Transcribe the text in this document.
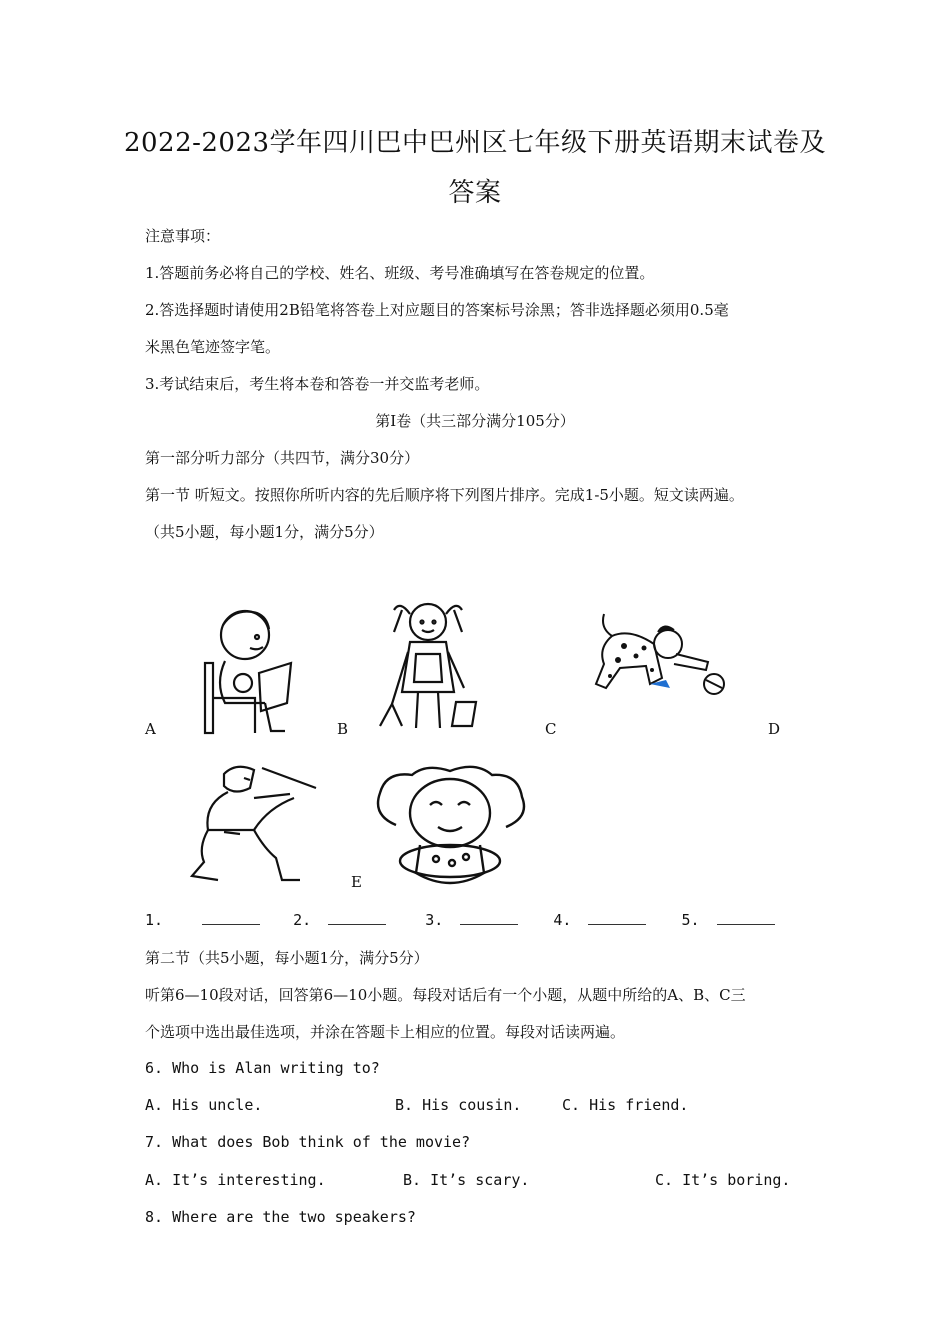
2022-2023学年四川巴中巴州区七年级下册英语期末试卷及答案
注意事项：
1.答题前务必将自己的学校、姓名、班级、考号准确填写在答卷规定的位置。
2.答选择题时请使用2B铅笔将答卷上对应题目的答案标号涂黑；答非选择题必须用0.5毫
米黑色笔迹签字笔。
3.考试结束后，考生将本卷和答卷一并交监考老师。
第Ⅰ卷（共三部分满分105分）
第一部分听力部分（共四节，满分30分）
第一节 听短文。按照你所听内容的先后顺序将下列图片排序。完成1-5小题。短文读两遍。
（共5小题，每小题1分，满分5分）
A	B	C	D
E
1.	2.	3.	4.	5.
第二节（共5小题，每小题1分，满分5分）
听第6—10段对话，回答第6—10小题。每段对话后有一个小题，从题中所给的A、B、C三
个选项中选出最佳选项，并涂在答题卡上相应的位置。每段对话读两遍。
6. Who is Alan writing to?
A. His uncle.	B. His cousin.	C. His friend.
7. What does Bob think of the movie?
A. It’s interesting.	B. It’s scary.	C. It’s boring.
8. Where are the two speakers?
